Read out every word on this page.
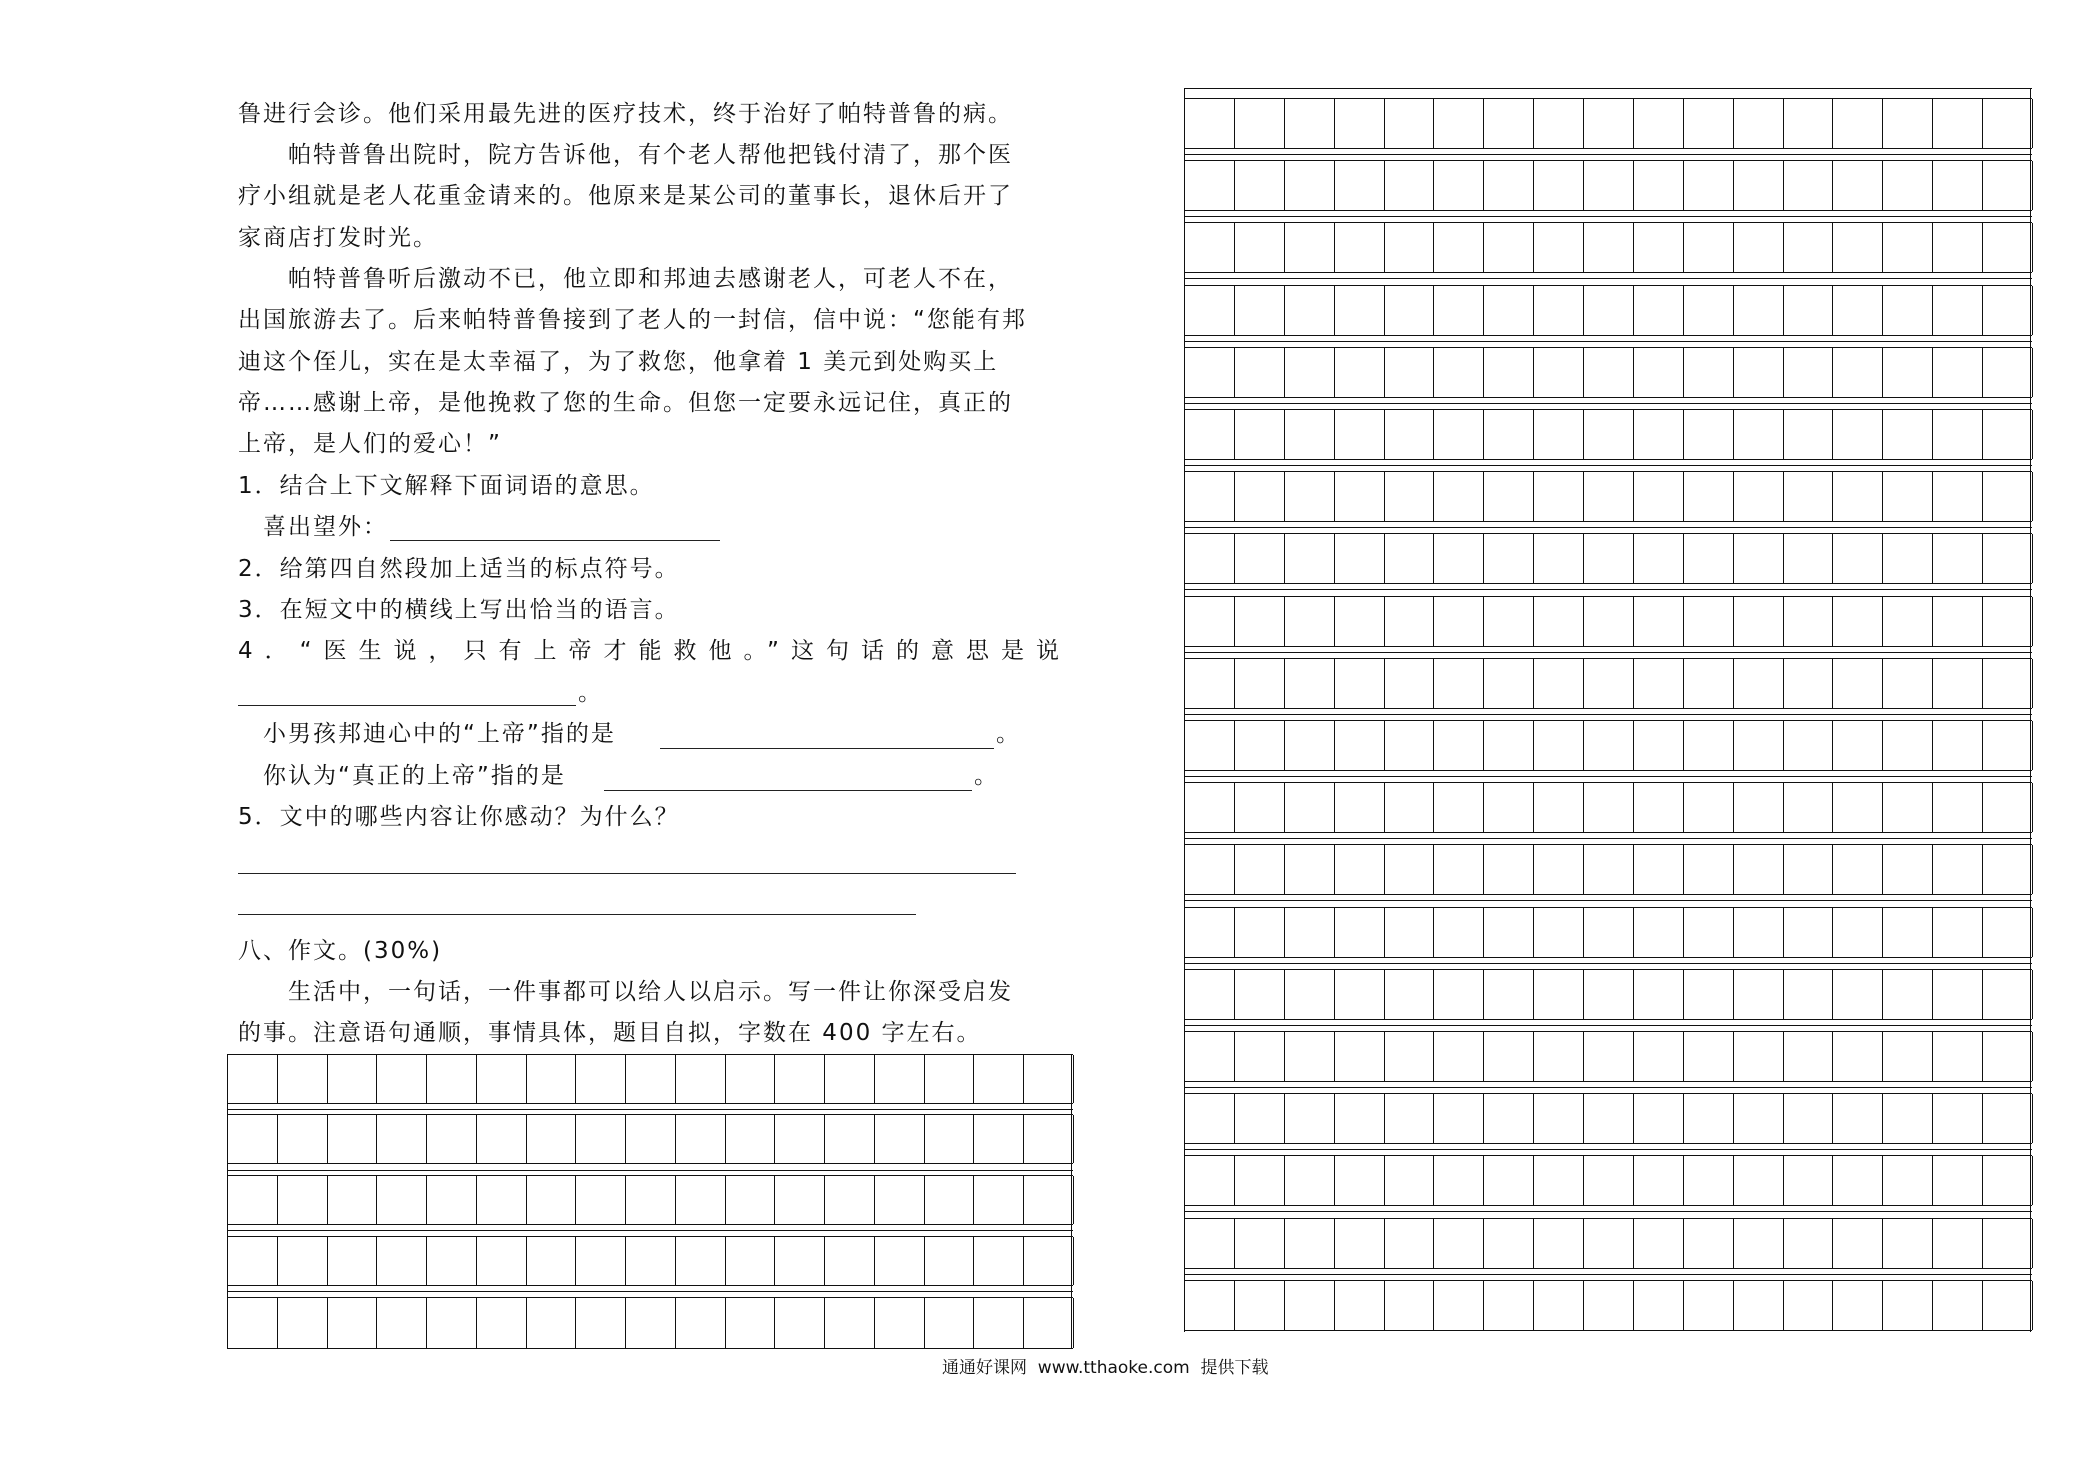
鲁进行会诊。他们采用最先进的医疗技术，终于治好了帕特普鲁的病。
　　帕特普鲁出院时，院方告诉他，有个老人帮他把钱付清了，那个医
疗小组就是老人花重金请来的。他原来是某公司的董事长，退休后开了
家商店打发时光。
　　帕特普鲁听后激动不已，他立即和邦迪去感谢老人，可老人不在，
出国旅游去了。后来帕特普鲁接到了老人的一封信，信中说：“您能有邦
迪这个侄儿，实在是太幸福了，为了救您，他拿着 1 美元到处购买上
帝……感谢上帝，是他挽救了您的生命。但您一定要永远记住，真正的
上帝，是人们的爱心！”
1．结合上下文解释下面词语的意思。
　喜出望外：
2．给第四自然段加上适当的标点符号。
3．在短文中的横线上写出恰当的语言。
4．“医生说，只有上帝才能救他。”这句话的意思是说
。
　小男孩邦迪心中的“上帝”指的是	。
　你认为“真正的上帝”指的是	。
5．文中的哪些内容让你感动？为什么？
八、作文。(30%)
　　生活中，一句话，一件事都可以给人以启示。写一件让你深受启发
的事。注意语句通顺，事情具体，题目自拟，字数在 400 字左右。
通通好课网  www.tthaoke.com  提供下载
